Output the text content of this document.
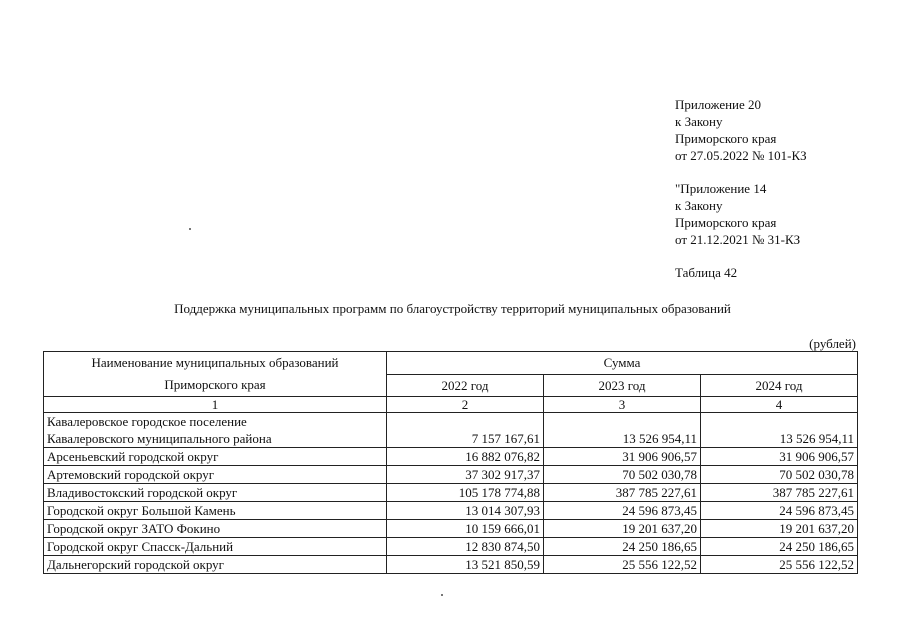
Приложение 20
к Закону
Приморского края
от 27.05.2022 № 101-КЗ
"Приложение 14
к Закону
Приморского края
от 21.12.2021 № 31-КЗ
Таблица 42
Поддержка муниципальных программ по благоустройству территорий муниципальных образований
(рублей)
Наименование муниципальных образований
Приморского края	Сумма		
	2022 год	2023 год	2024 год
1	2	3	4

Кавалеровское городское поселение
Кавалеровского муниципального района	7 157 167,61	13 526 954,11	13 526 954,11
Арсеньевский городской округ	16 882 076,82	31 906 906,57	31 906 906,57
Артемовский городской округ	37 302 917,37	70 502 030,78	70 502 030,78
Владивостокский городской округ	105 178 774,88	387 785 227,61	387 785 227,61
Городской округ Большой Камень	13 014 307,93	24 596 873,45	24 596 873,45
Городской округ ЗАТО Фокино	10 159 666,01	19 201 637,20	19 201 637,20
Городской округ Спасск-Дальний	12 830 874,50	24 250 186,65	24 250 186,65
Дальнегорский городской округ	13 521 850,59	25 556 122,52	25 556 122,52
